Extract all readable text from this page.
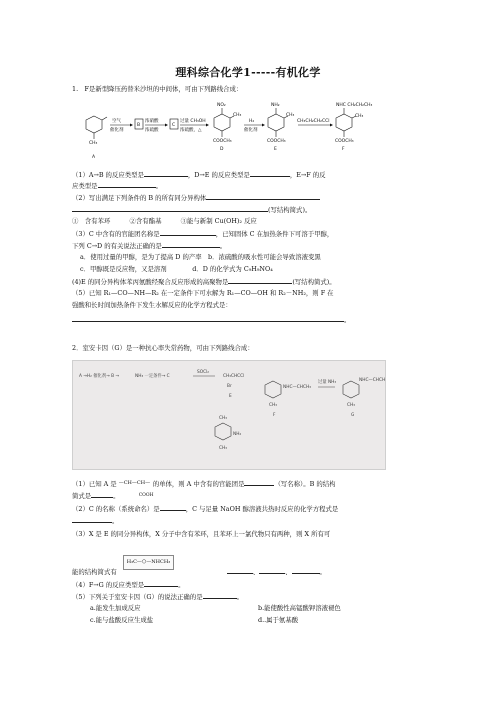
理科综合化学1-----有机化学
1.　F是新型降压药替米沙坦的中间体，可由下列路线合成：
CH₃
A
空气
催化剂
B
浓硝酸
浓硫酸
C
过量 CH₃OH
浓硫酸，△
NO₂
CH₃
COOCH₃
D
H₂
催化剂
NH₂
CH₃
COOCH₃
E
CH₃CH₂CH₂CCl
NHC CH₂CH₂CH₃
CH₃
COOCH₃
F
（1）A→B 的反应类型是	，D→E 的反应类型是	，E→F 的反
应类型是	。
（2）写出满足下列条件的 B 的所有同分异构体
(写结构简式)。
①　含有苯环　　　②含有酯基　　　③能与新制 Cu(OH)₂ 反应
（3）C 中含有的官能团名称是	，已知固体 C 在加热条件下可溶于甲醇，
下列 C→D 的有关说法正确的是	。
a．使用过量的甲醇，是为了提高 D 的产率　b．浓硫酸的吸水性可能会导致溶液变黑
c．甲醇既是反应物，又是溶剂　　　　d．D 的化学式为 C₉H₉NO₄
(4)E 的同分异构体苯丙氨酸经聚合反应形成的高聚物是	(写结构简式)。
（5）已知 R₁—CO—NH—R₂ 在一定条件下可水解为 R₁—CO—OH 和 R₂－NH₂，则 F 在
强酸和长时间加热条件下发生水解反应的化学方程式是：
。
2．室安卡因（G）是一种抗心率失常药物，可由下列路线合成：
A →H₂ 催化剂→ B →	NH₃ 一定条件→ C
SOCl₂
CH₃CHCCl
Br
E
NHC—CHCH₃
CH₃
F
过量 NH₃	NHC—CHCH₃
CH₃
G
CH₃
NH₂
CH₃
（1）已知 A 是 —CH—CH—
COOH
的单体，则 A 中含有的官能团是	（写名称）。B 的结构
简式是	。
（2）C 的名称（系统命名）是	，C 与足量 NaOH 醇溶液共热时反应的化学方程式是
。
（3）X 是 E 的同分异构体，X 分子中含有苯环，且苯环上一氯代物只有两种，则 X 所有可
能的结构简式有
H₃C—⬡—NHCH₃
、	、	。
（4）F→G 的反应类型是	。
（5）下列关于室安卡因（G）的说法正确的是	。
a.能发生加成反应	b.能使酸性高锰酸钾溶液褪色
c.能与盐酸反应生成盐	d..属于氨基酸
